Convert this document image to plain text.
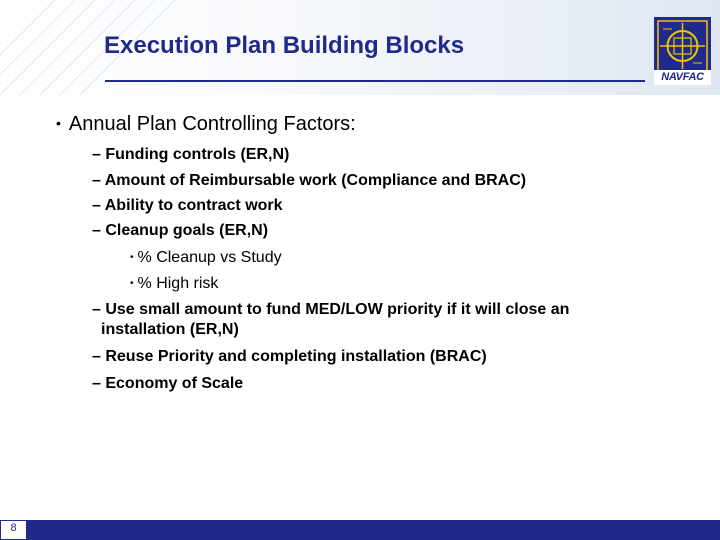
Execution Plan Building Blocks
NAVFAC
• Annual Plan Controlling Factors:
– Funding controls (ER,N)
– Amount of Reimbursable work (Compliance and BRAC)
– Ability to contract work
– Cleanup goals (ER,N)
• % Cleanup vs Study
• % High risk
– Use small amount to fund MED/LOW priority if it will close an
installation (ER,N)
– Reuse Priority and completing installation (BRAC)
– Economy of Scale
8
